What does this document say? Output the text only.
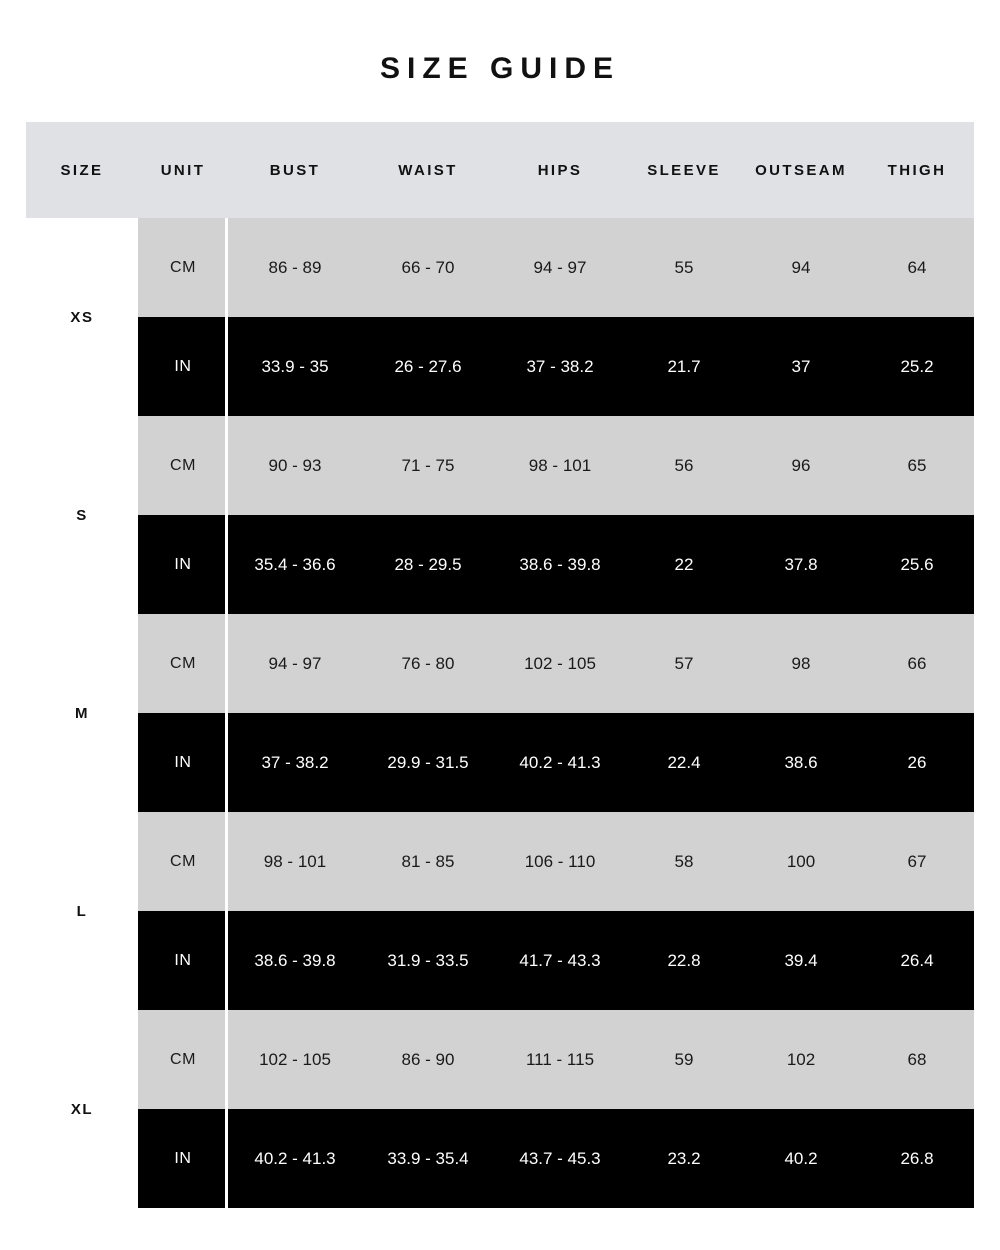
SIZE GUIDE
SIZE	UNIT	BUST	WAIST	HIPS	SLEEVE	OUTSEAM	THIGH
XS	CM	86 - 89	66 - 70	94 - 97	55	94	64
	IN	33.9 - 35	26 - 27.6	37 - 38.2	21.7	37	25.2
S	CM	90 - 93	71 - 75	98 - 101	56	96	65
	IN	35.4 - 36.6	28 - 29.5	38.6 - 39.8	22	37.8	25.6
M	CM	94 - 97	76 - 80	102 - 105	57	98	66
	IN	37 - 38.2	29.9 - 31.5	40.2 - 41.3	22.4	38.6	26
L	CM	98 - 101	81 - 85	106 - 110	58	100	67
	IN	38.6 - 39.8	31.9 - 33.5	41.7 - 43.3	22.8	39.4	26.4
XL	CM	102 - 105	86 - 90	111 - 115	59	102	68
	IN	40.2 - 41.3	33.9 - 35.4	43.7 - 45.3	23.2	40.2	26.8
